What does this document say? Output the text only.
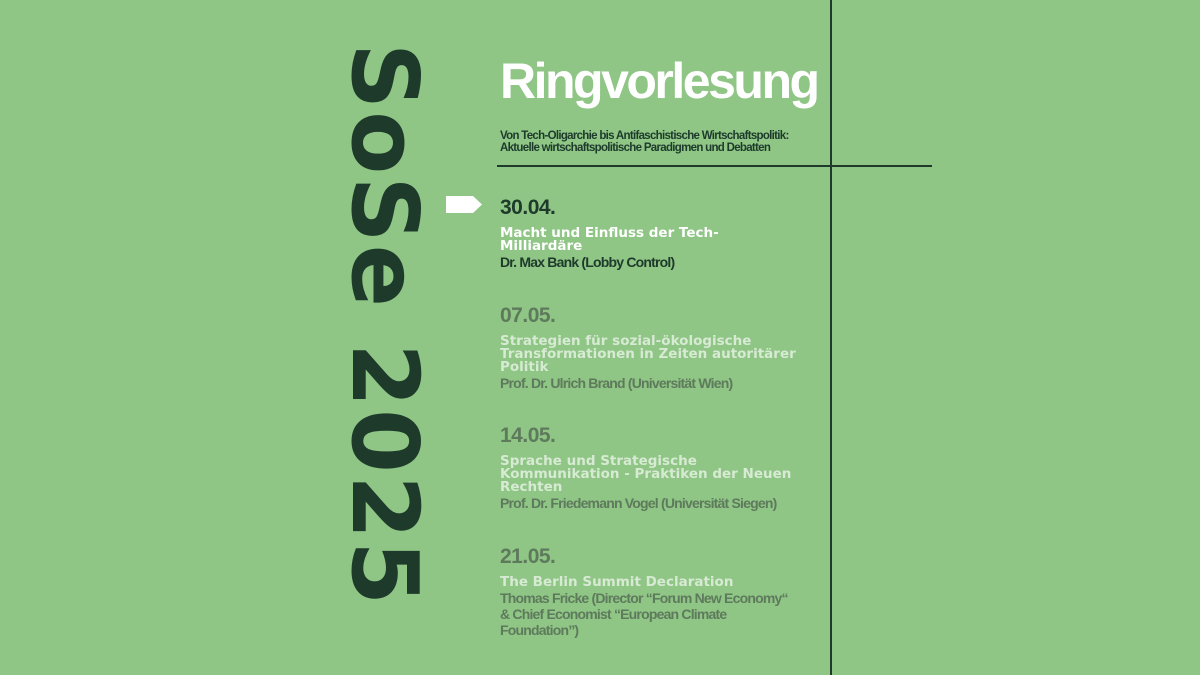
SoSe 2025 Ringvorlesung
Von Tech-Oligarchie bis Antifaschistische Wirtschaftspolitik:
Aktuelle wirtschaftspolitische Paradigmen und Debatten
30.04.
Macht und Einfluss der Tech-
Milliardäre
Dr. Max Bank (Lobby Control)
07.05.
Strategien für sozial-ökologische
Transformationen in Zeiten autoritärer
Politik
Prof. Dr. Ulrich Brand (Universität Wien)
14.05.
Sprache und Strategische
Kommunikation - Praktiken der Neuen
Rechten
Prof. Dr. Friedemann Vogel (Universität Siegen)
21.05.
The Berlin Summit Declaration
Thomas Fricke (Director “Forum New Economy“
& Chief Economist “European Climate
Foundation”)
